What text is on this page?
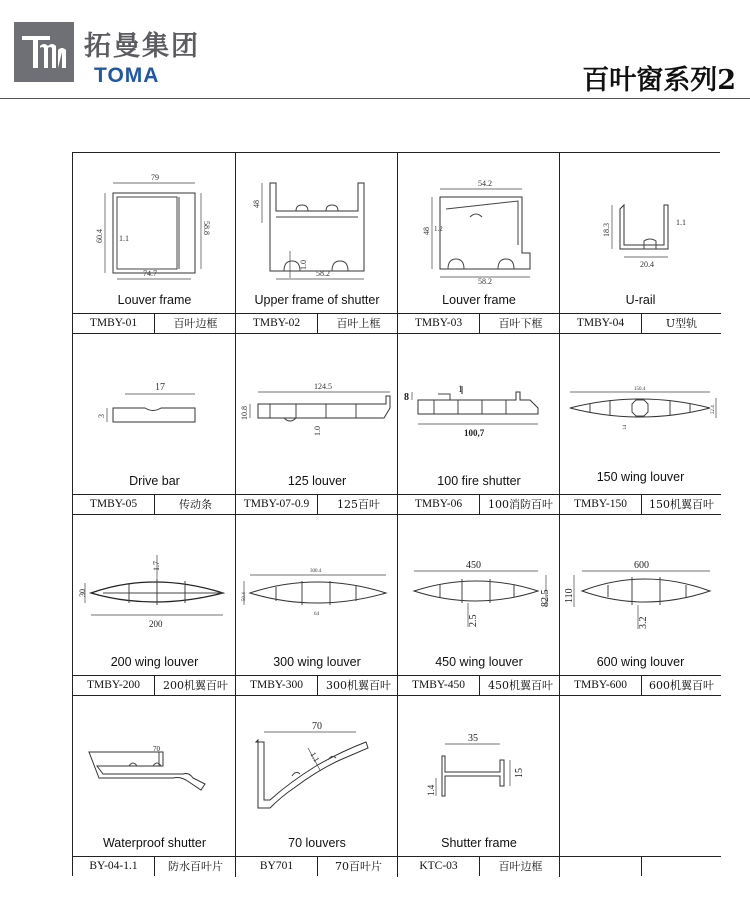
拓曼集团
TOMA	百叶窗系列2
79
60.4 1.1
58.8
74.7
Louver frame
TMBY-01	百叶边框
48
1.0
58.2
Upper frame of shutter
TMBY-02	百叶上框
54.2
48 1.2
58.2
Louver frame
TMBY-03	百叶下框
18.3
1.1
20.4
U-rail
TMBY-04	U型轨
17
3
Drive bar
TMBY-05	传动条
124.5
10.8
1.0
125 louver
TMBY-07-0.9	125百叶
8
1
100,7
100 fire shutter
TMBY-06	100消防百叶
150.4
22.4
14
150 wing louver
TMBY-150	150机翼百叶
30
1.7
200
200 wing louver
TMBY-200	200机翼百叶
300.4
50.4
64
300 wing louver
TMBY-300	300机翼百叶
450
82.5
2.5
450 wing louver
TMBY-450	450机翼百叶
600
110
3.2
600 wing louver
TMBY-600	600机翼百叶
70
Waterproof shutter
BY-04-1.1	防水百叶片
70
1.1
70 louvers
BY701	70百叶片
35
15
1.4
Shutter frame
KTC-03	百叶边框
